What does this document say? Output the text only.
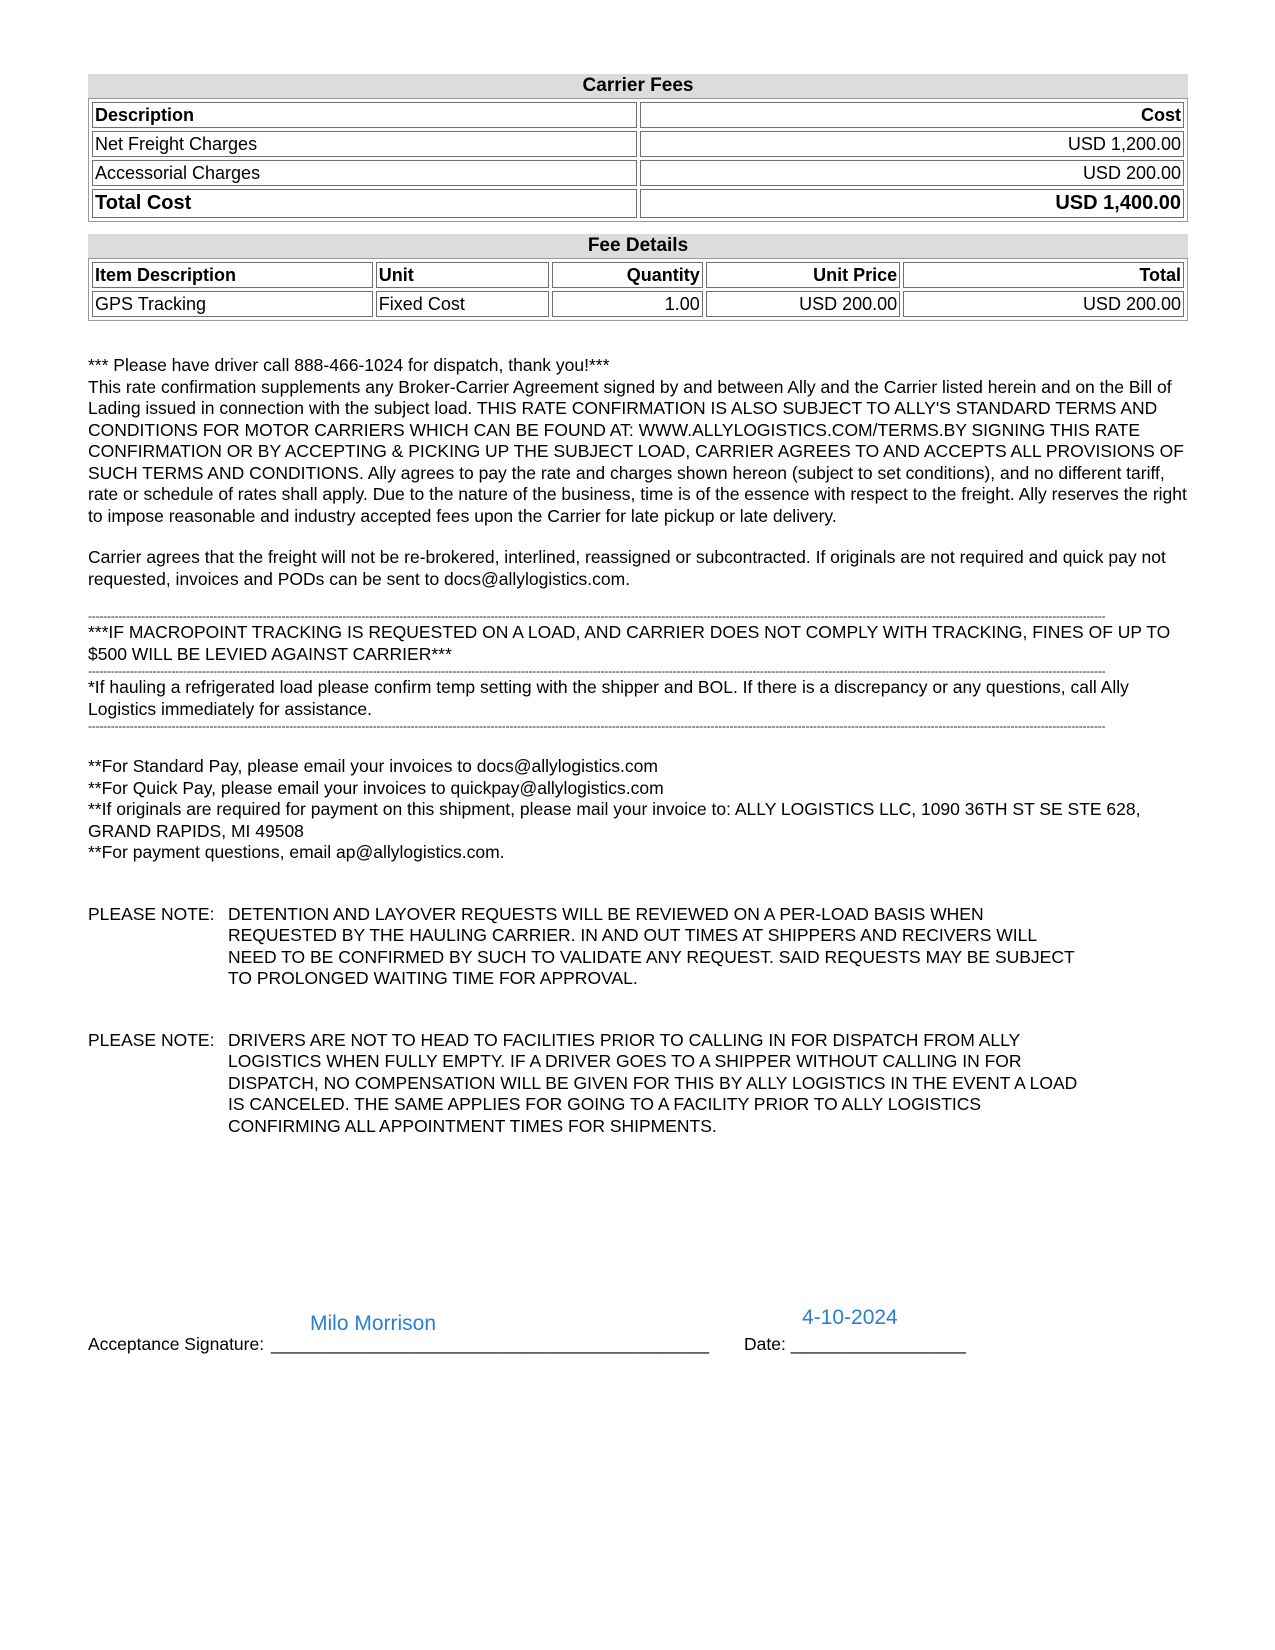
Carrier Fees
Description	Cost
Net Freight Charges	USD 1,200.00
Accessorial Charges	USD 200.00
Total Cost	USD 1,400.00
Fee Details
Item Description	Unit	Quantity	Unit Price	Total
GPS Tracking	Fixed Cost	1.00	USD 200.00	USD 200.00
*** Please have driver call 888-466-1024 for dispatch, thank you!***
This rate confirmation supplements any Broker-Carrier Agreement signed by and between Ally and the Carrier listed herein and on the Bill of Lading issued in connection with the subject load. THIS RATE CONFIRMATION IS ALSO SUBJECT TO ALLY'S STANDARD TERMS AND CONDITIONS FOR MOTOR CARRIERS WHICH CAN BE FOUND AT: WWW.ALLYLOGISTICS.COM/TERMS.BY SIGNING THIS RATE CONFIRMATION OR BY ACCEPTING & PICKING UP THE SUBJECT LOAD, CARRIER AGREES TO AND ACCEPTS ALL PROVISIONS OF SUCH TERMS AND CONDITIONS. Ally agrees to pay the rate and charges shown hereon (subject to set conditions), and no different tariff, rate or schedule of rates shall apply. Due to the nature of the business, time is of the essence with respect to the freight. Ally reserves the right to impose reasonable and industry accepted fees upon the Carrier for late pickup or late delivery.
Carrier agrees that the freight will not be re-brokered, interlined, reassigned or subcontracted. If originals are not required and quick pay not requested, invoices and PODs can be sent to docs@allylogistics.com.
----------------------------------------------------------------------------------------------------------------------------------------------------------------------------------------------------------------------------------------------------------------------------
***IF MACROPOINT TRACKING IS REQUESTED ON A LOAD, AND CARRIER DOES NOT COMPLY WITH TRACKING, FINES OF UP TO $500 WILL BE LEVIED AGAINST CARRIER***
----------------------------------------------------------------------------------------------------------------------------------------------------------------------------------------------------------------------------------------------------------------------------
*If hauling a refrigerated load please confirm temp setting with the shipper and BOL. If there is a discrepancy or any questions, call Ally Logistics immediately for assistance.
----------------------------------------------------------------------------------------------------------------------------------------------------------------------------------------------------------------------------------------------------------------------------
**For Standard Pay, please email your invoices to docs@allylogistics.com
**For Quick Pay, please email your invoices to quickpay@allylogistics.com
**If originals are required for payment on this shipment, please mail your invoice to: ALLY LOGISTICS LLC, 1090 36TH ST SE STE 628, GRAND RAPIDS, MI 49508
**For payment questions, email ap@allylogistics.com.
PLEASE NOTE: DETENTION AND LAYOVER REQUESTS WILL BE REVIEWED ON A PER-LOAD BASIS WHEN REQUESTED BY THE HAULING CARRIER. IN AND OUT TIMES AT SHIPPERS AND RECIVERS WILL NEED TO BE CONFIRMED BY SUCH TO VALIDATE ANY REQUEST. SAID REQUESTS MAY BE SUBJECT TO PROLONGED WAITING TIME FOR APPROVAL.
PLEASE NOTE: DRIVERS ARE NOT TO HEAD TO FACILITIES PRIOR TO CALLING IN FOR DISPATCH FROM ALLY LOGISTICS WHEN FULLY EMPTY. IF A DRIVER GOES TO A SHIPPER WITHOUT CALLING IN FOR DISPATCH, NO COMPENSATION WILL BE GIVEN FOR THIS BY ALLY LOGISTICS IN THE EVENT A LOAD IS CANCELED. THE SAME APPLIES FOR GOING TO A FACILITY PRIOR TO ALLY LOGISTICS CONFIRMING ALL APPOINTMENT TIMES FOR SHIPMENTS.
Acceptance Signature: _____________________________________________
Milo Morrison
Date: __________________
4-10-2024
